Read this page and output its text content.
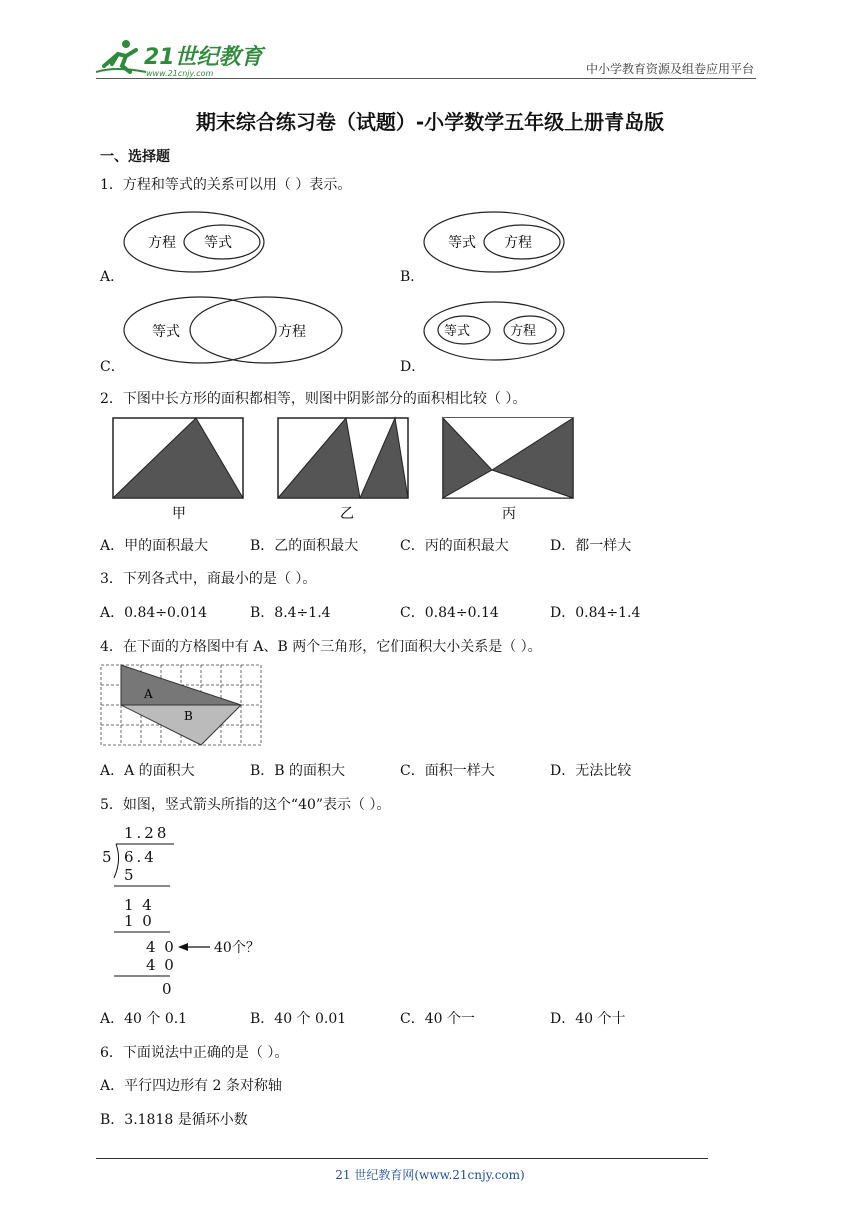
21世纪教育
www.21cnjy.com	中小学教育资源及组卷应用平台
期末综合练习卷（试题）-小学数学五年级上册青岛版
一、选择题
1．方程和等式的关系可以用（ ）表示。
A．
方程 等式
B．
等式 方程
C．
等式	方程
D．
等式	方程
2．下图中长方形的面积都相等，则图中阴影部分的面积相比较（ ）。
甲	乙	丙
A．甲的面积最大	B．乙的面积最大	C．丙的面积最大	D．都一样大
3．下列各式中，商最小的是（ ）。
A．0.84÷0.014	B．8.4÷1.4	C．0.84÷0.14	D．0.84÷1.4
4．在下面的方格图中有 A、B 两个三角形，它们面积大小关系是（ ）。
A
B
A．A 的面积大	B．B 的面积大	C．面积一样大	D．无法比较
5．如图，竖式箭头所指的这个“40”表示（ ）。
1.28
5 6.4
5
1 4
1 0
4 0
4 0
0
40个？
A．40 个 0.1	B．40 个 0.01	C．40 个一	D．40 个十
6．下面说法中正确的是（ ）。
A．平行四边形有 2 条对称轴
B．3.1818 是循环小数
21 世纪教育网(www.21cnjy.com)
